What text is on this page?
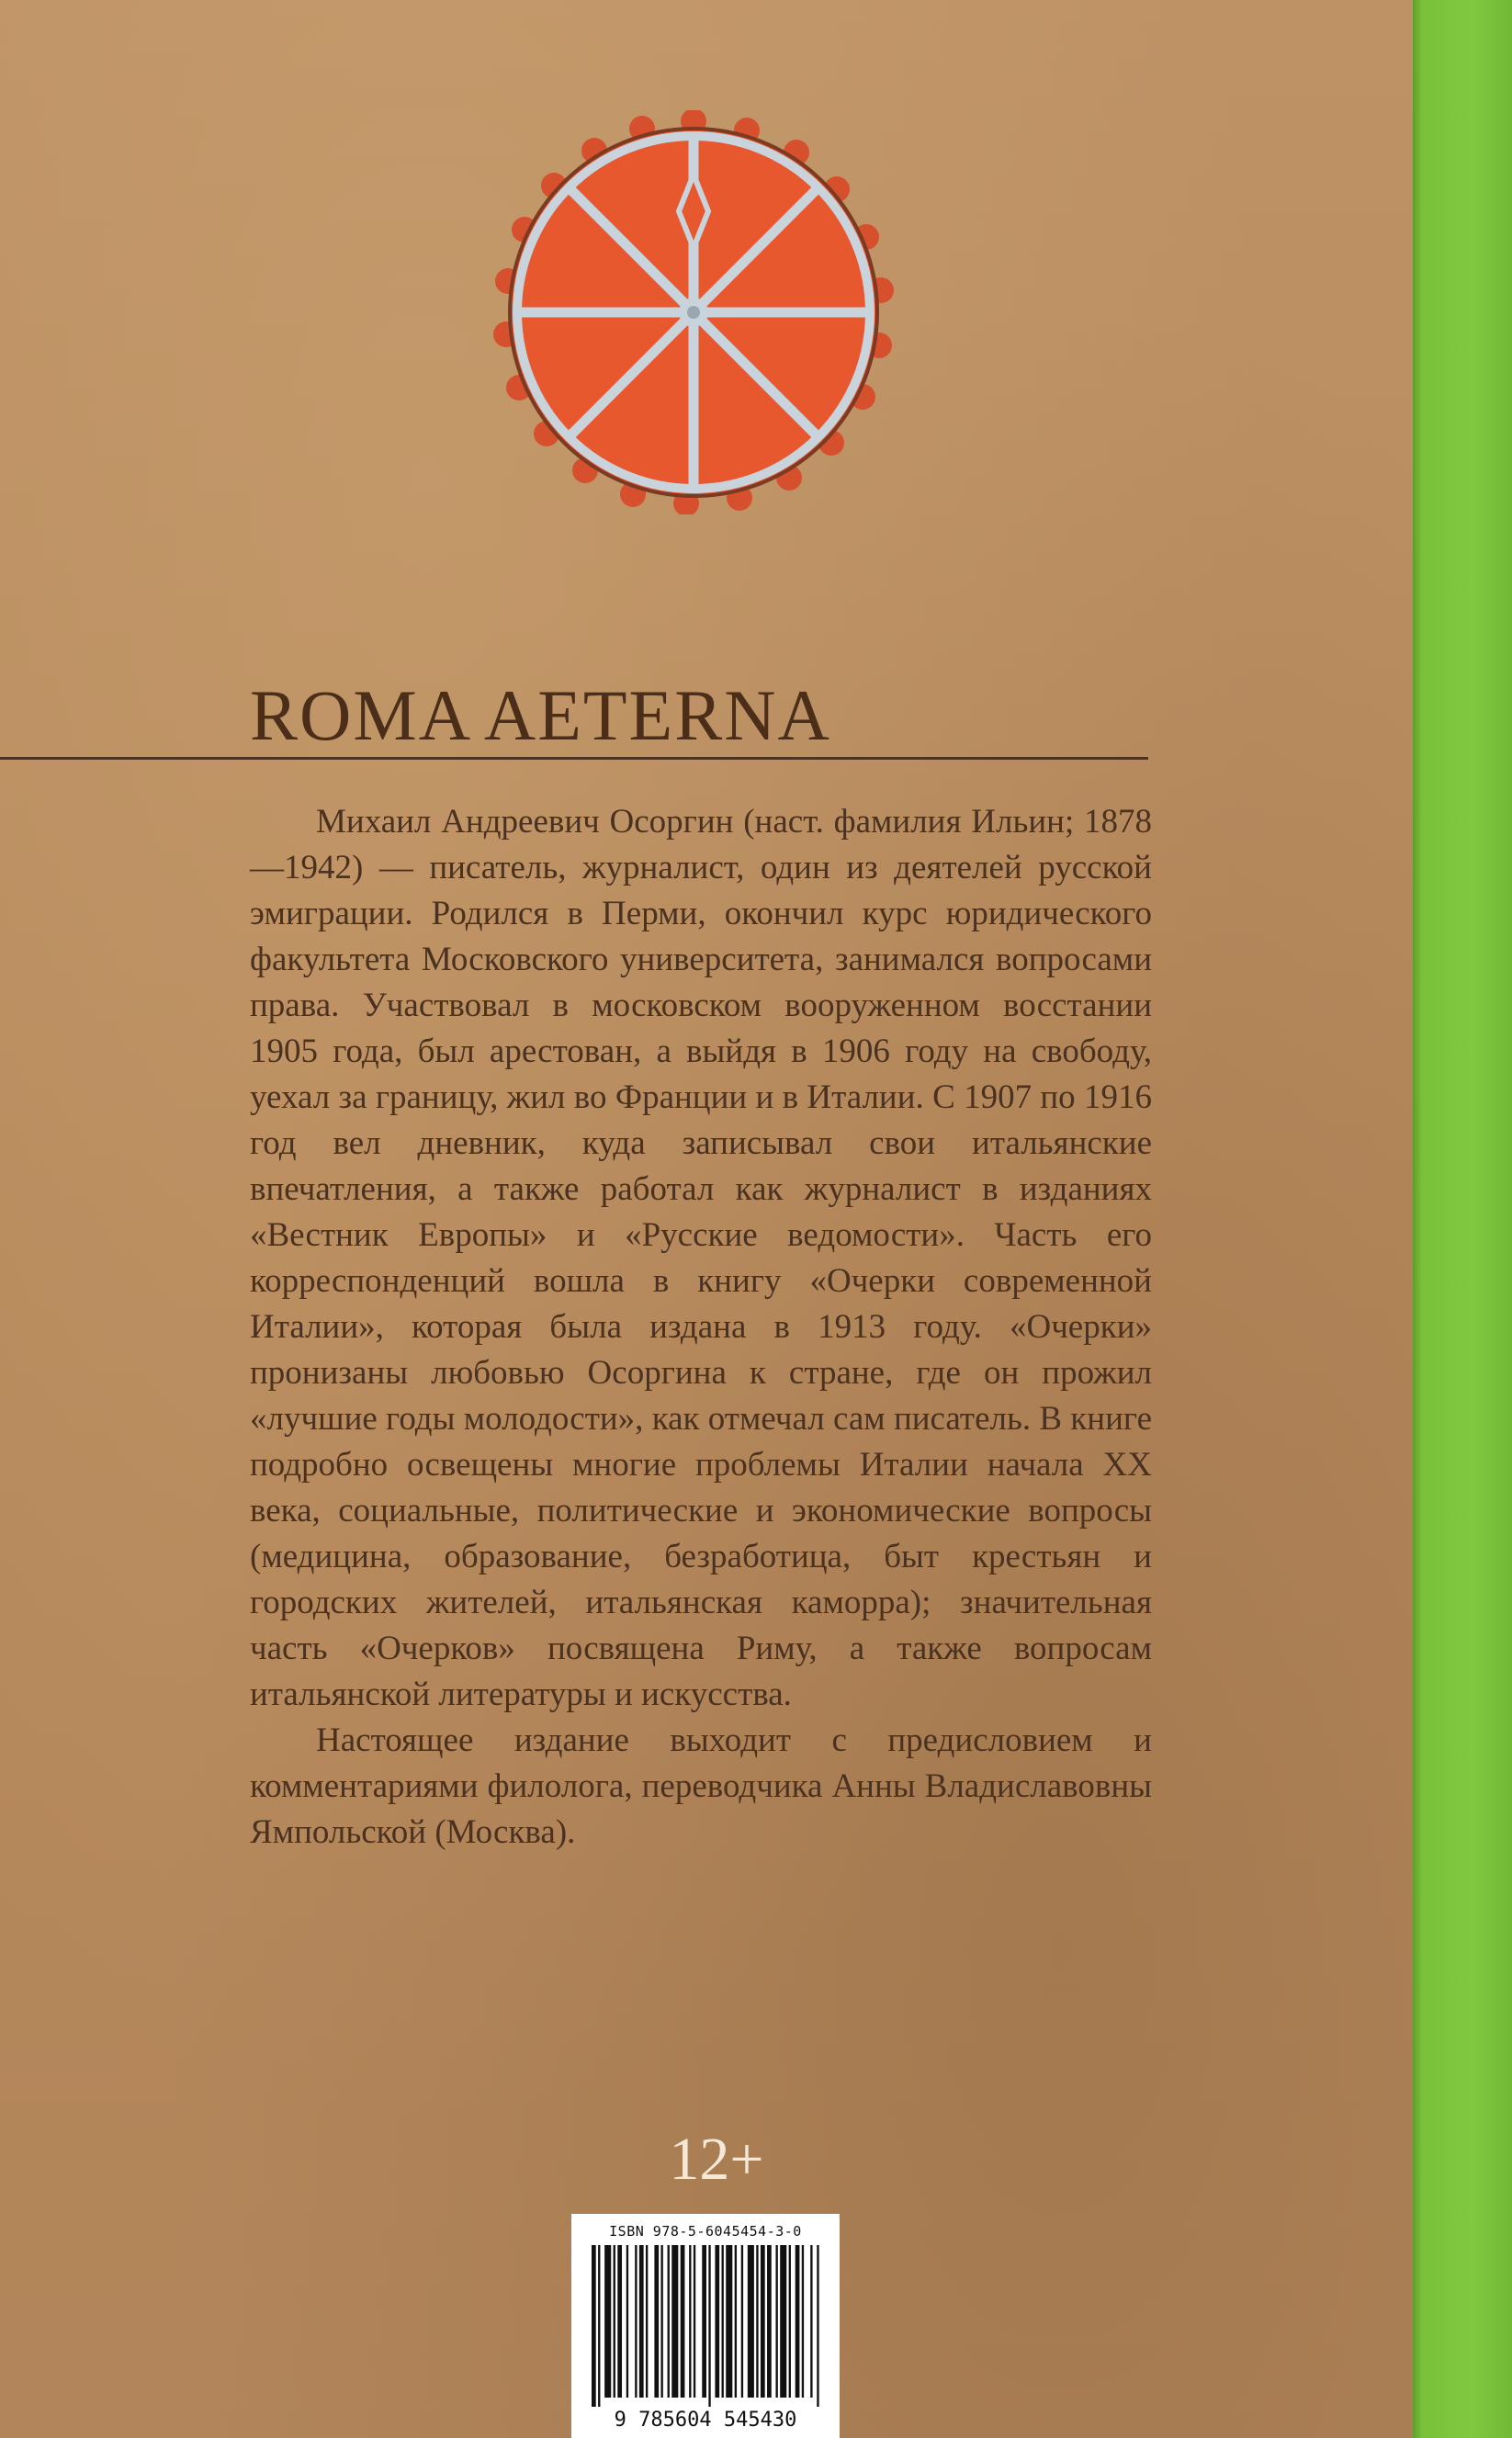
ROMA AETERNA

Михаил Андреевич Осоргин (наст. фамилия Ильин; 1878—1942) — писатель, журналист, один из деятелей русской эмиграции. Родился в Перми, окончил курс юридического факультета Московского университета, занимался вопросами права. Участвовал в московском вооруженном восстании 1905 года, был арестован, а выйдя в 1906 году на свободу, уехал за границу, жил во Франции и в Италии. С 1907 по 1916 год вел дневник, куда записывал свои итальянские впечатления, а также работал как журналист в изданиях «Вестник Европы» и «Русские ведомости». Часть его корреспонденций вошла в книгу «Очерки современной Италии», которая была издана в 1913 году. «Очерки» пронизаны любовью Осоргина к стране, где он прожил «лучшие годы молодости», как отмечал сам писатель. В книге подробно освещены многие проблемы Италии начала XX века, социальные, политические и экономические вопросы (медицина, образование, безработица, быт крестьян и городских жителей, итальянская каморра); значительная часть «Очерков» посвящена Риму, а также вопросам итальянской литературы и искусства.

Настоящее издание выходит с предисловием и комментариями филолога, переводчика Анны Владиславовны Ямпольской (Москва).

12+
ISBN 978-5-6045454-3-0
9 785604 545430
